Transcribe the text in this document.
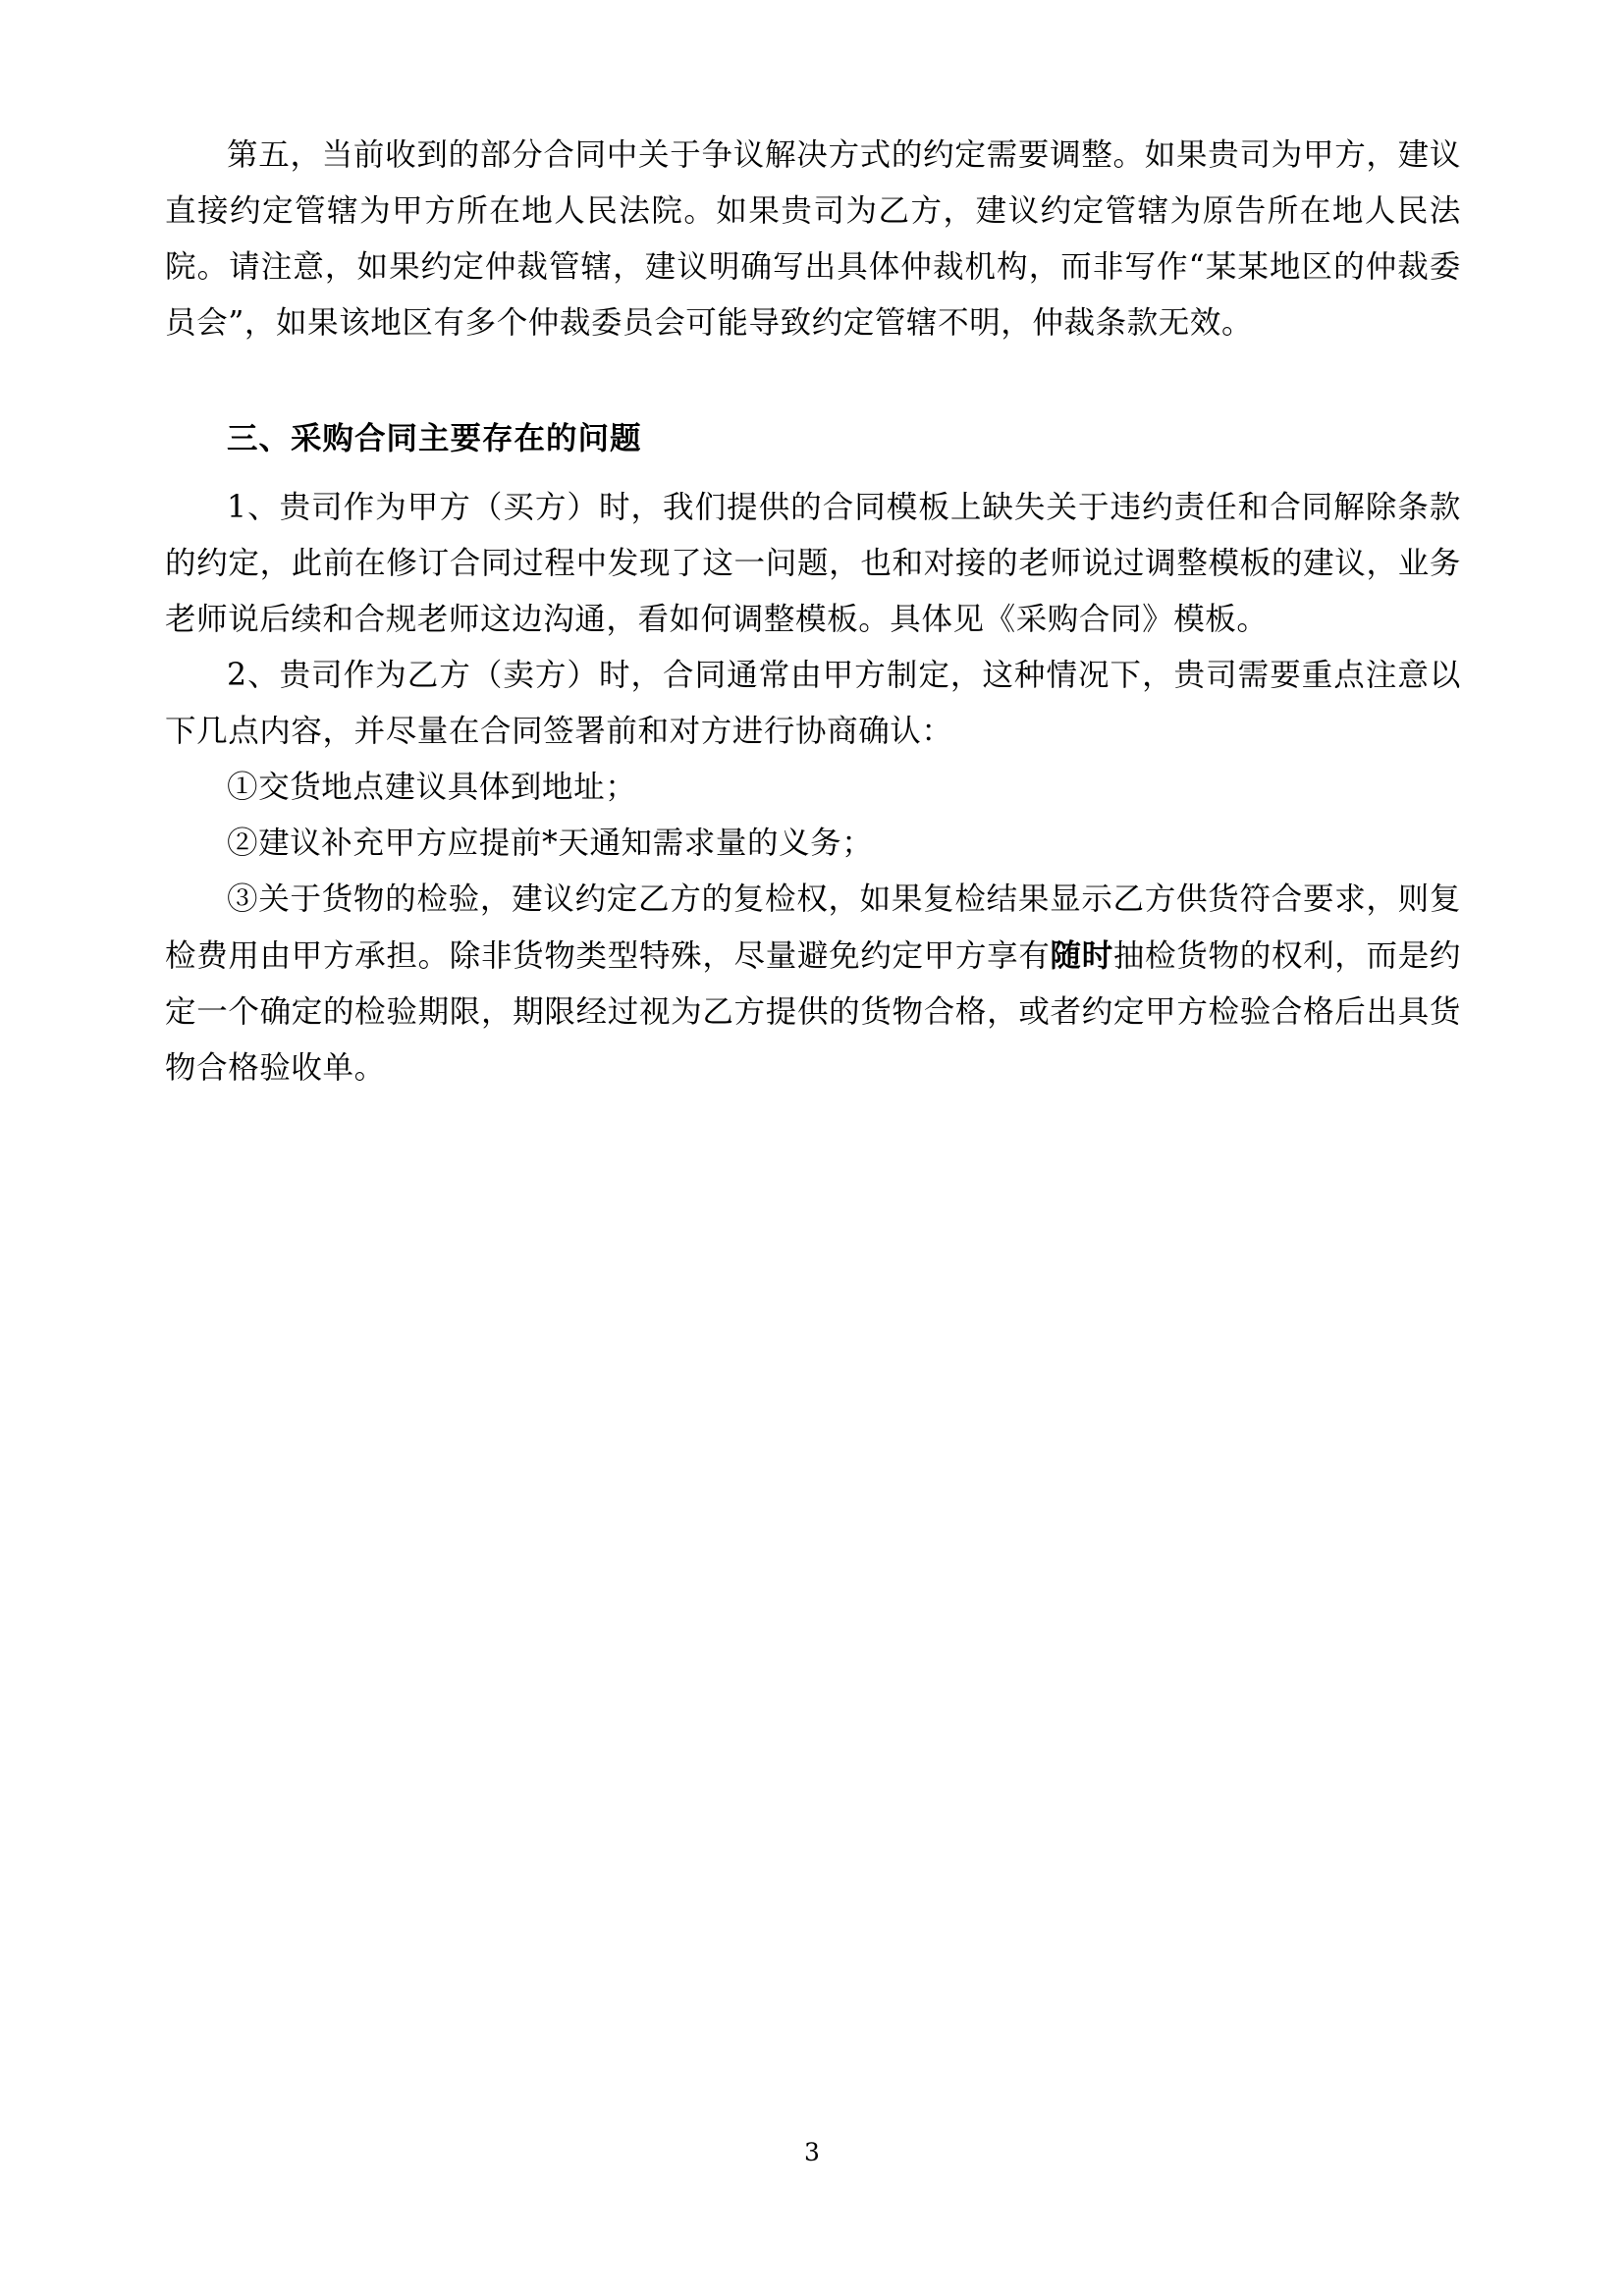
第五，当前收到的部分合同中关于争议解决方式的约定需要调整。如果贵司为甲方，建议直接约定管辖为甲方所在地人民法院。如果贵司为乙方，建议约定管辖为原告所在地人民法院。请注意，如果约定仲裁管辖，建议明确写出具体仲裁机构，而非写作“某某地区的仲裁委员会”，如果该地区有多个仲裁委员会可能导致约定管辖不明，仲裁条款无效。

三、采购合同主要存在的问题

1、贵司作为甲方（买方）时，我们提供的合同模板上缺失关于违约责任和合同解除条款的约定，此前在修订合同过程中发现了这一问题，也和对接的老师说过调整模板的建议，业务老师说后续和合规老师这边沟通，看如何调整模板。具体见《采购合同》模板。

2、贵司作为乙方（卖方）时，合同通常由甲方制定，这种情况下，贵司需要重点注意以下几点内容，并尽量在合同签署前和对方进行协商确认：

①交货地点建议具体到地址；

②建议补充甲方应提前*天通知需求量的义务；

③关于货物的检验，建议约定乙方的复检权，如果复检结果显示乙方供货符合要求，则复检费用由甲方承担。除非货物类型特殊，尽量避免约定甲方享有随时抽检货物的权利，而是约定一个确定的检验期限，期限经过视为乙方提供的货物合格，或者约定甲方检验合格后出具货物合格验收单。

3
